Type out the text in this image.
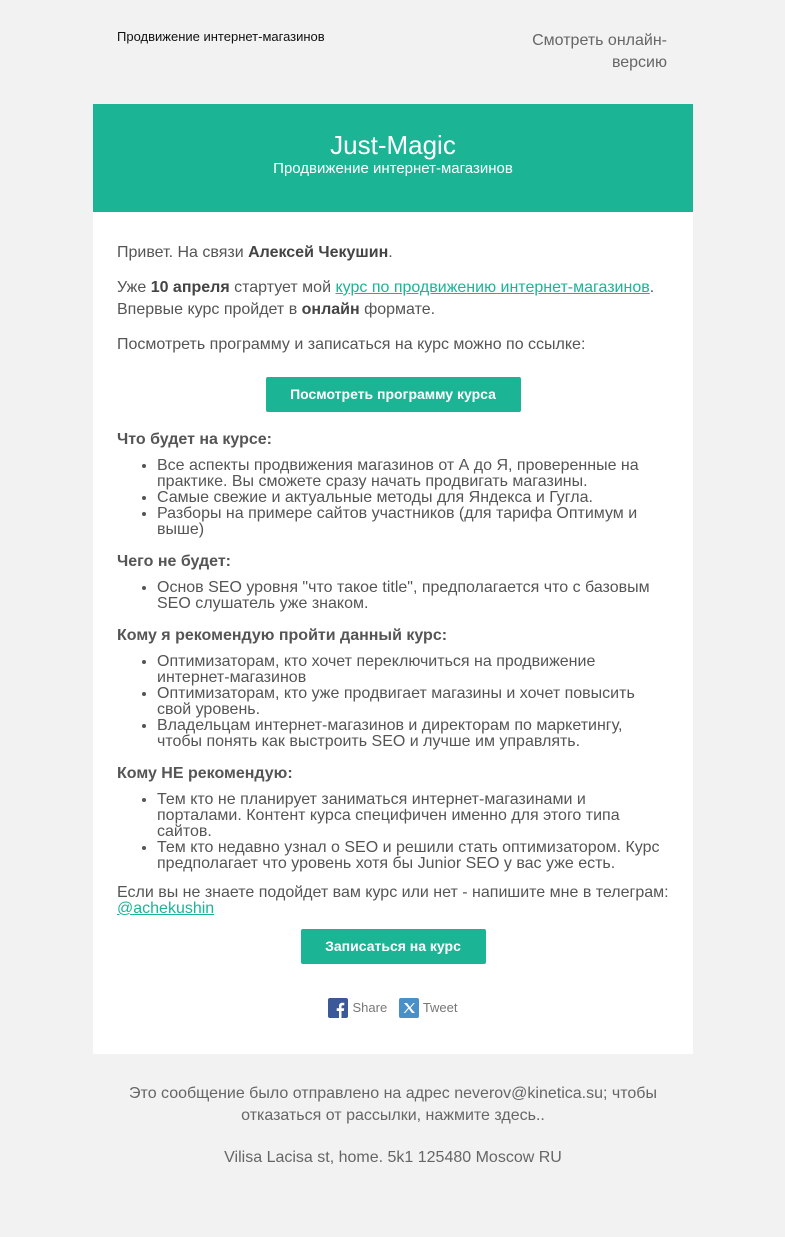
Продвижение интернет-магазинов	Смотреть онлайн-версию
Just-Magic
Продвижение интернет-магазинов

Привет. На связи Алексей Чекушин.

Уже 10 апреля стартует мой курс по продвижению интернет-магазинов. Впервые курс пройдет в онлайн формате.

Посмотреть программу и записаться на курс можно по ссылке:

Посмотреть программу курса
Что будет на курсе:
• Все аспекты продвижения магазинов от А до Я, проверенные на практике. Вы сможете сразу начать продвигать магазины.
• Самые свежие и актуальные методы для Яндекса и Гугла.
• Разборы на примере сайтов участников (для тарифа Оптимум и выше)
Чего не будет:
• Основ SEO уровня "что такое title", предполагается что с базовым SEO слушатель уже знаком.
Кому я рекомендую пройти данный курс:
• Оптимизаторам, кто хочет переключиться на продвижение интернет-магазинов
• Оптимизаторам, кто уже продвигает магазины и хочет повысить свой уровень.
• Владельцам интернет-магазинов и директорам по маркетингу, чтобы понять как выстроить SEO и лучше им управлять.
Кому НЕ рекомендую:
• Тем кто не планирует заниматься интернет-магазинами и порталами. Контент курса специфичен именно для этого типа сайтов.
• Тем кто недавно узнал о SEO и решили стать оптимизатором. Курс предполагает что уровень хотя бы Junior SEO у вас уже есть.

Если вы не знаете подойдет вам курс или нет - напишите мне в телеграм: @achekushin

Записаться на курс
Share
	Tweet
Это сообщение было отправлено на адрес neverov@kinetica.su; чтобы отказаться от рассылки, нажмите здесь..
Vilisa Lacisa st, home. 5k1 125480 Moscow RU
